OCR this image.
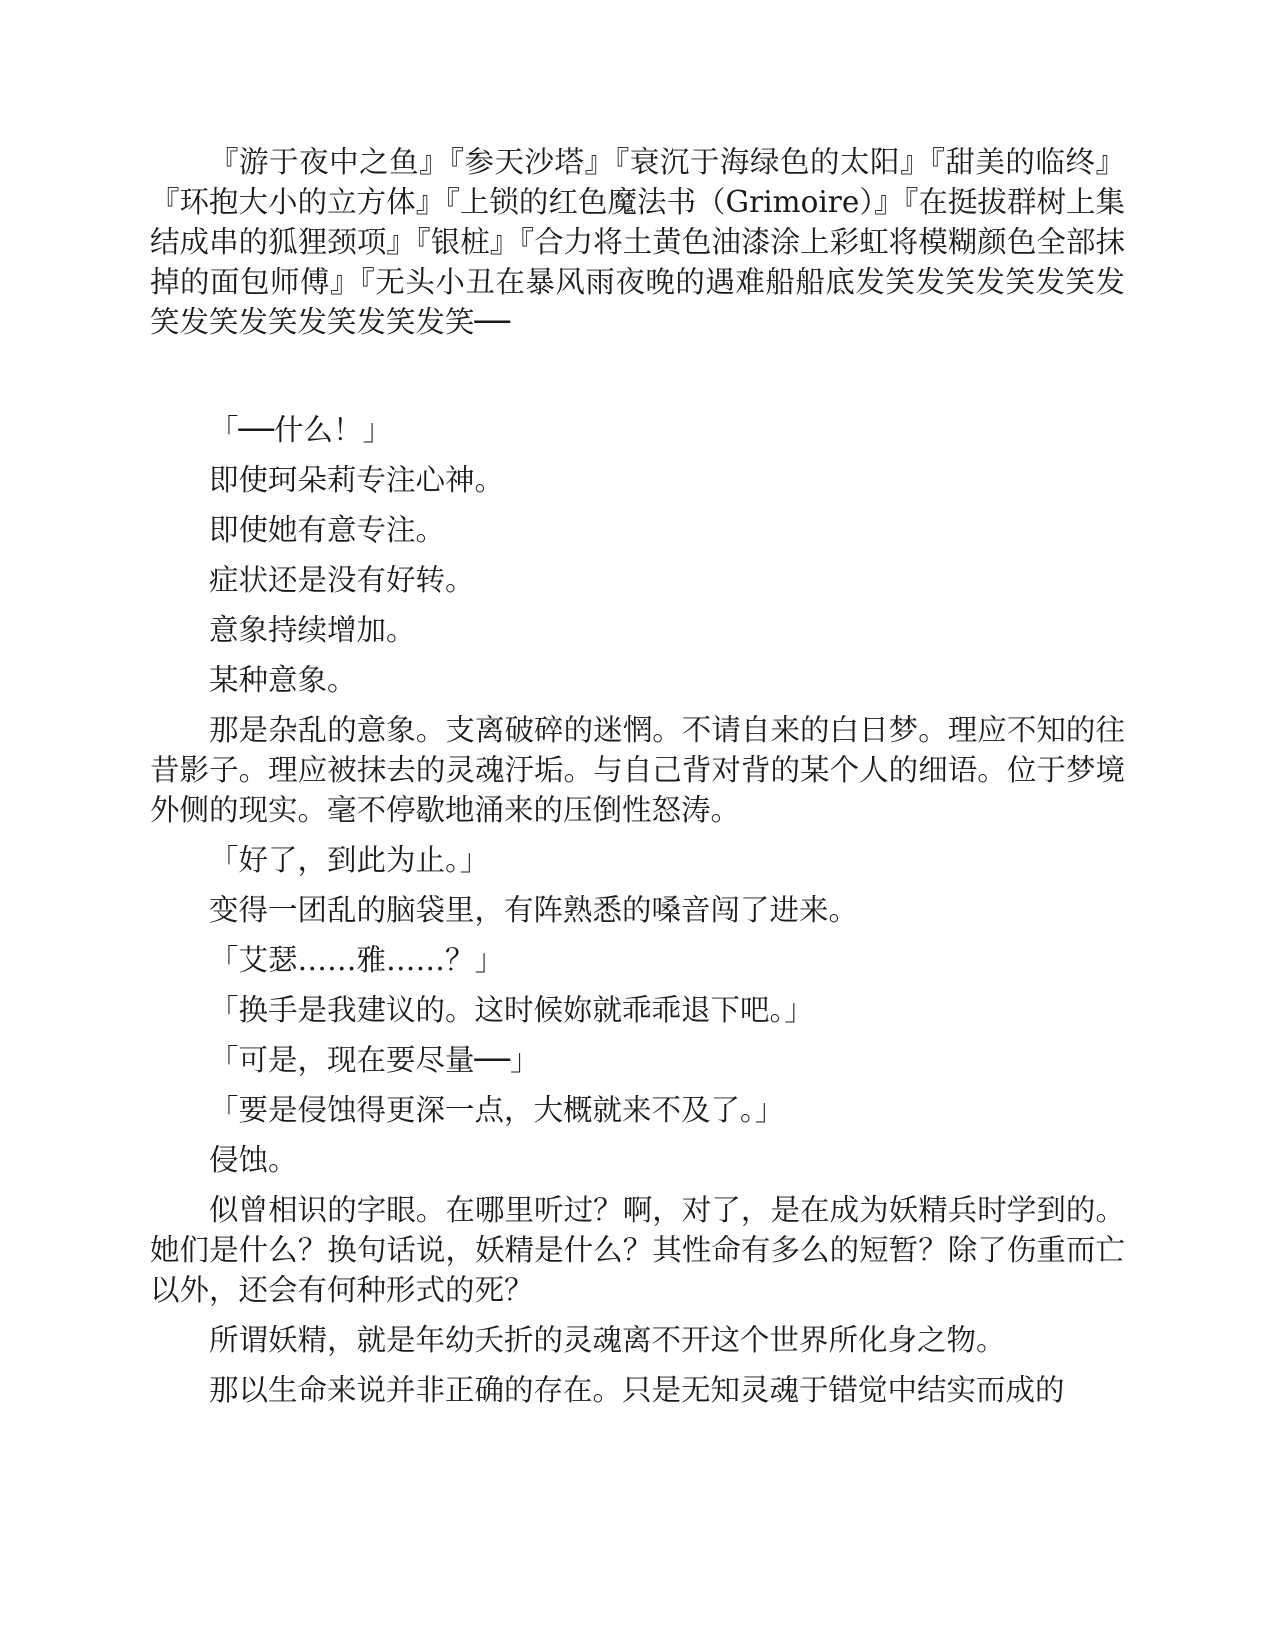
『游于夜中之鱼』『参天沙塔』『衰沉于海绿色的太阳』『甜美的临终』『环抱大小的立方体』『上锁的红色魔法书（Grimoire）』『在挺拔群树上集结成串的狐狸颈项』『银桩』『合力将土黄色油漆涂上彩虹将模糊颜色全部抹掉的面包师傅』『无头小丑在暴风雨夜晚的遇难船船底发笑发笑发笑发笑发笑发笑发笑发笑发笑发笑──

「──什么！」

即使珂朵莉专注心神。

即使她有意专注。

症状还是没有好转。

意象持续增加。

某种意象。

那是杂乱的意象。支离破碎的迷惘。不请自来的白日梦。理应不知的往昔影子。理应被抹去的灵魂汙垢。与自己背对背的某个人的细语。位于梦境外侧的现实。毫不停歇地涌来的压倒性怒涛。

「好了，到此为止。」

变得一团乱的脑袋里，有阵熟悉的嗓音闯了进来。

「艾瑟……雅……？」

「换手是我建议的。这时候妳就乖乖退下吧。」

「可是，现在要尽量──」

「要是侵蚀得更深一点，大概就来不及了。」

侵蚀。

似曾相识的字眼。在哪里听过？啊，对了，是在成为妖精兵时学到的。她们是什么？换句话说，妖精是什么？其性命有多么的短暂？除了伤重而亡以外，还会有何种形式的死？

所谓妖精，就是年幼夭折的灵魂离不开这个世界所化身之物。

那以生命来说并非正确的存在。只是无知灵魂于错觉中结实而成的
